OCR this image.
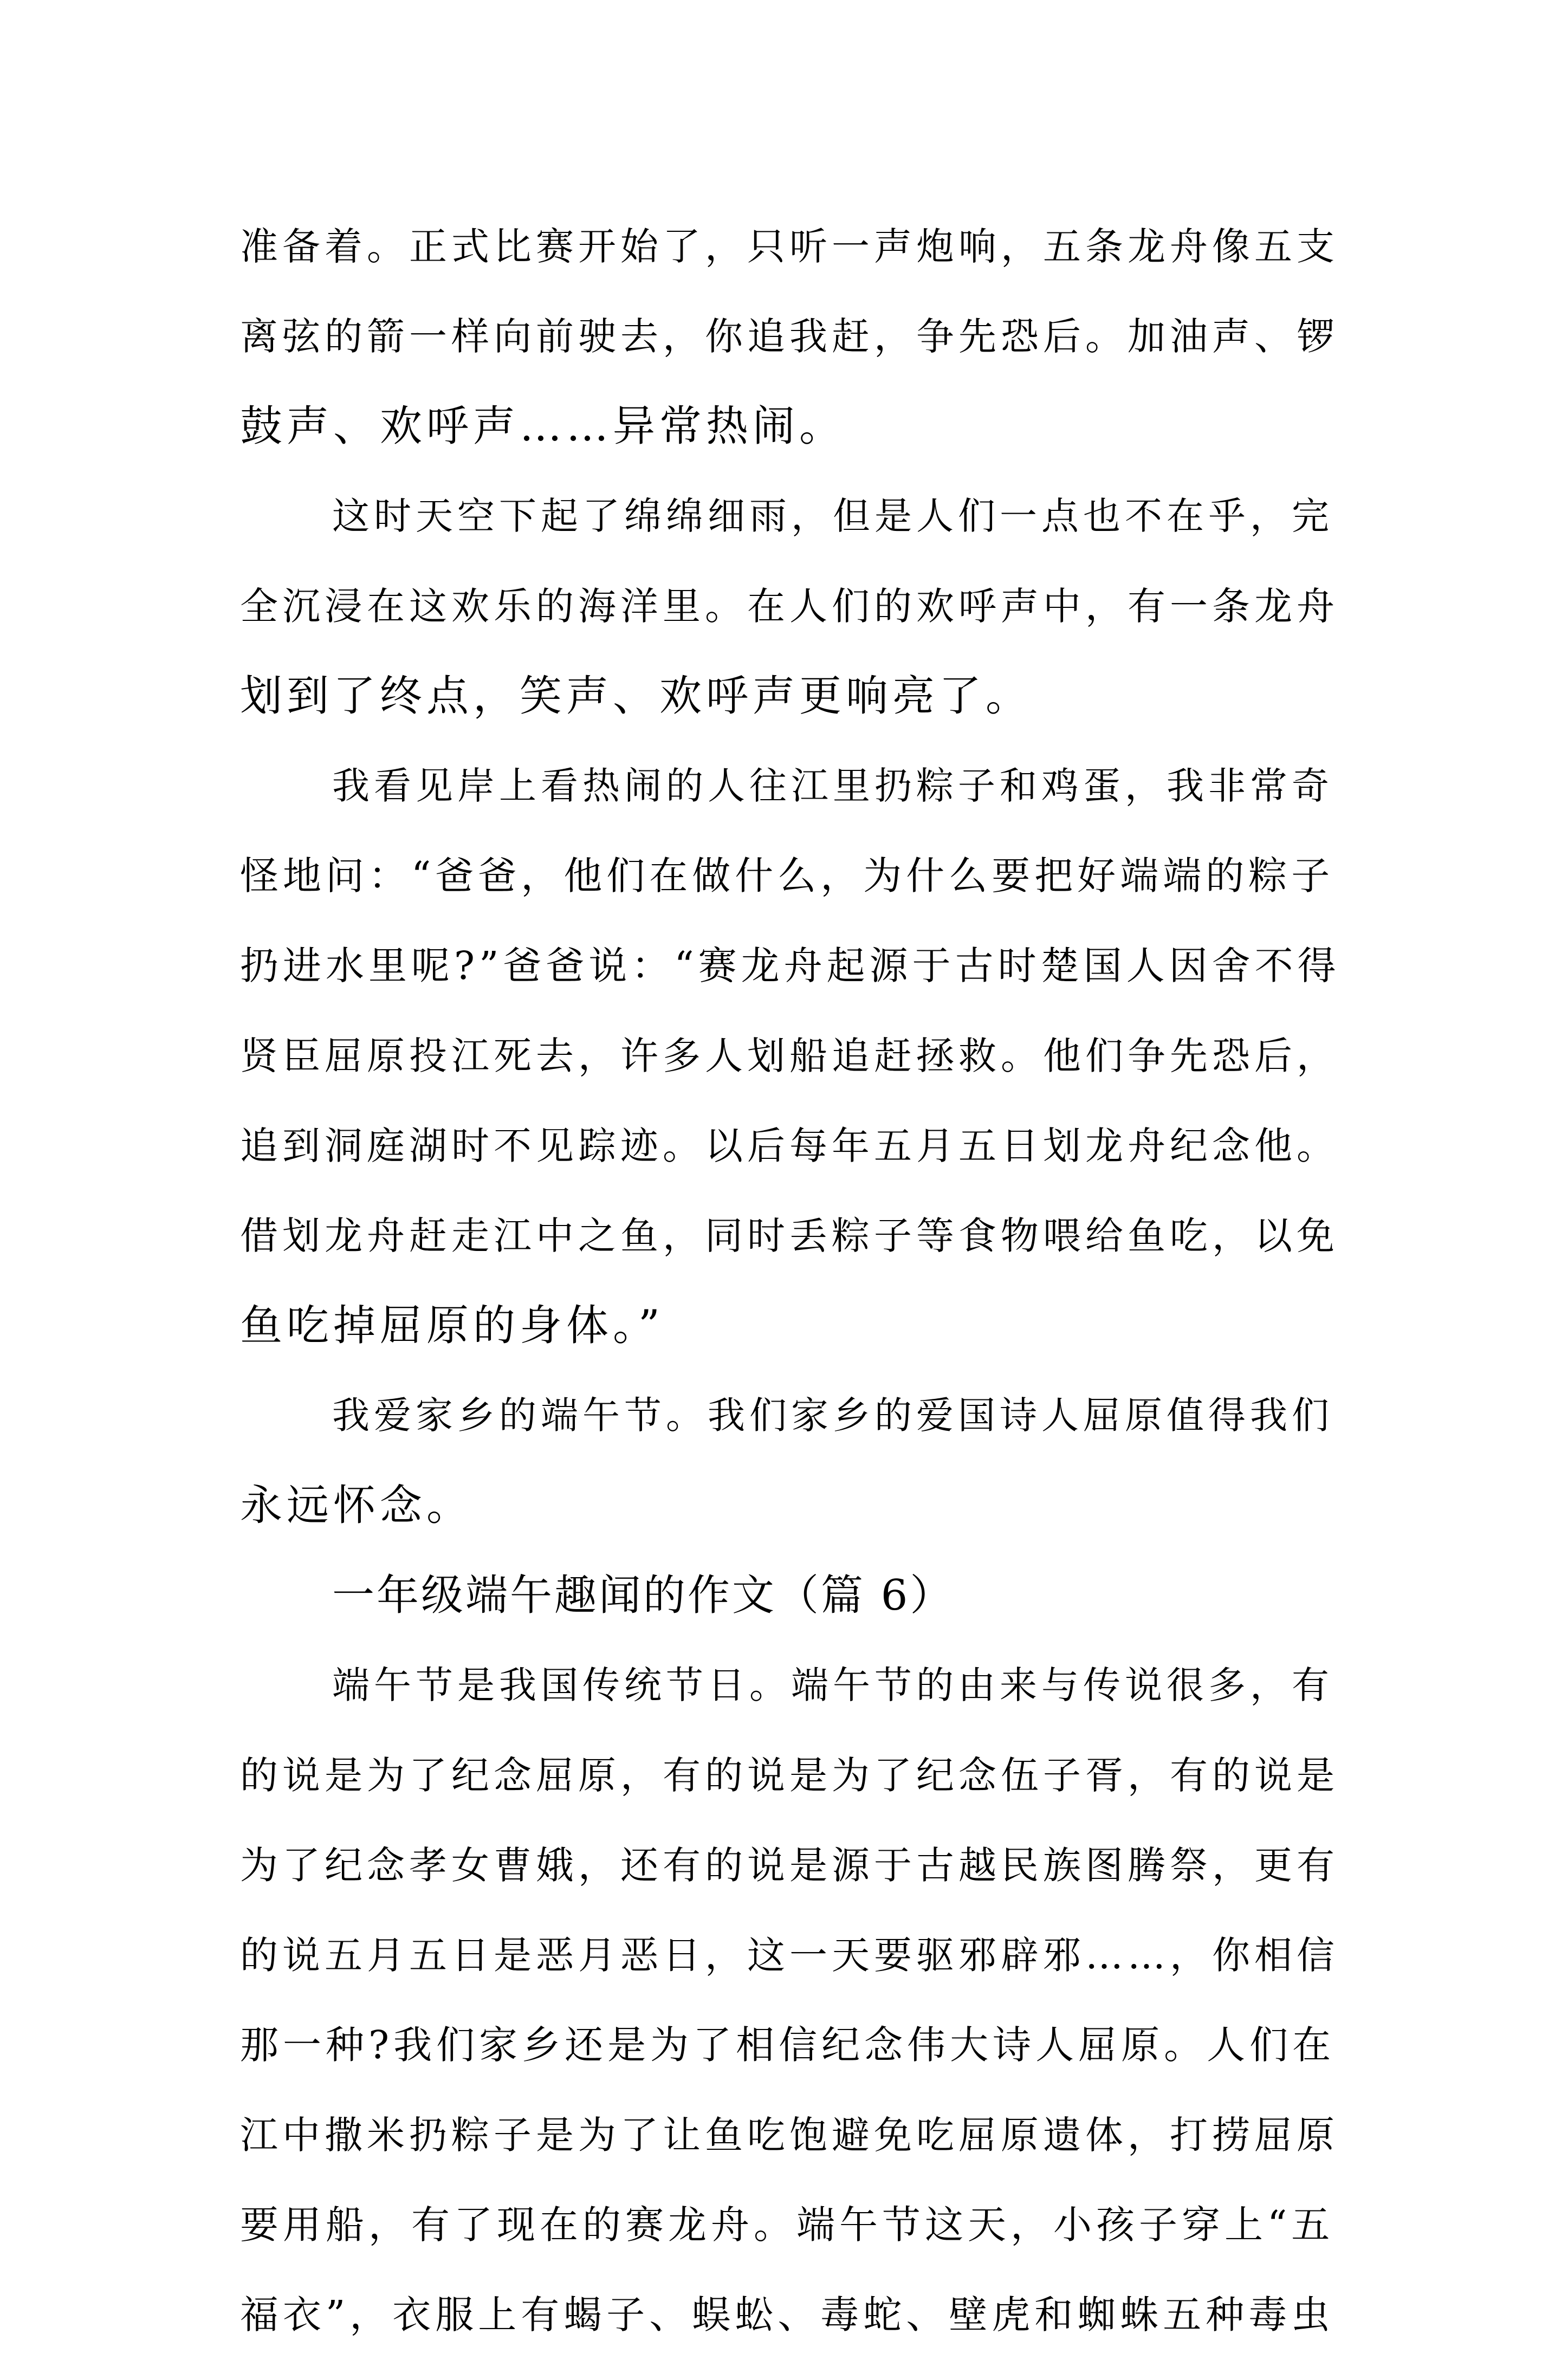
准备着。正式比赛开始了，只听一声炮响，五条龙舟像五支
离弦的箭一样向前驶去，你追我赶，争先恐后。加油声、锣
鼓声、欢呼声……异常热闹。
这时天空下起了绵绵细雨，但是人们一点也不在乎，完
全沉浸在这欢乐的海洋里。在人们的欢呼声中，有一条龙舟
划到了终点，笑声、欢呼声更响亮了。
我看见岸上看热闹的人往江里扔粽子和鸡蛋，我非常奇
怪地问：“爸爸，他们在做什么，为什么要把好端端的粽子
扔进水里呢?”爸爸说：“赛龙舟起源于古时楚国人因舍不得
贤臣屈原投江死去，许多人划船追赶拯救。他们争先恐后，
追到洞庭湖时不见踪迹。以后每年五月五日划龙舟纪念他。
借划龙舟赶走江中之鱼，同时丢粽子等食物喂给鱼吃，以免
鱼吃掉屈原的身体。”
我爱家乡的端午节。我们家乡的爱国诗人屈原值得我们
永远怀念。
一年级端午趣闻的作文（篇 6）
端午节是我国传统节日。端午节的由来与传说很多，有
的说是为了纪念屈原，有的说是为了纪念伍子胥，有的说是
为了纪念孝女曹娥，还有的说是源于古越民族图腾祭，更有
的说五月五日是恶月恶日，这一天要驱邪辟邪……，你相信
那一种?我们家乡还是为了相信纪念伟大诗人屈原。人们在
江中撒米扔粽子是为了让鱼吃饱避免吃屈原遗体，打捞屈原
要用船，有了现在的赛龙舟。端午节这天，小孩子穿上“五
福衣”，衣服上有蝎子、蜈蚣、毒蛇、壁虎和蜘蛛五种毒虫
